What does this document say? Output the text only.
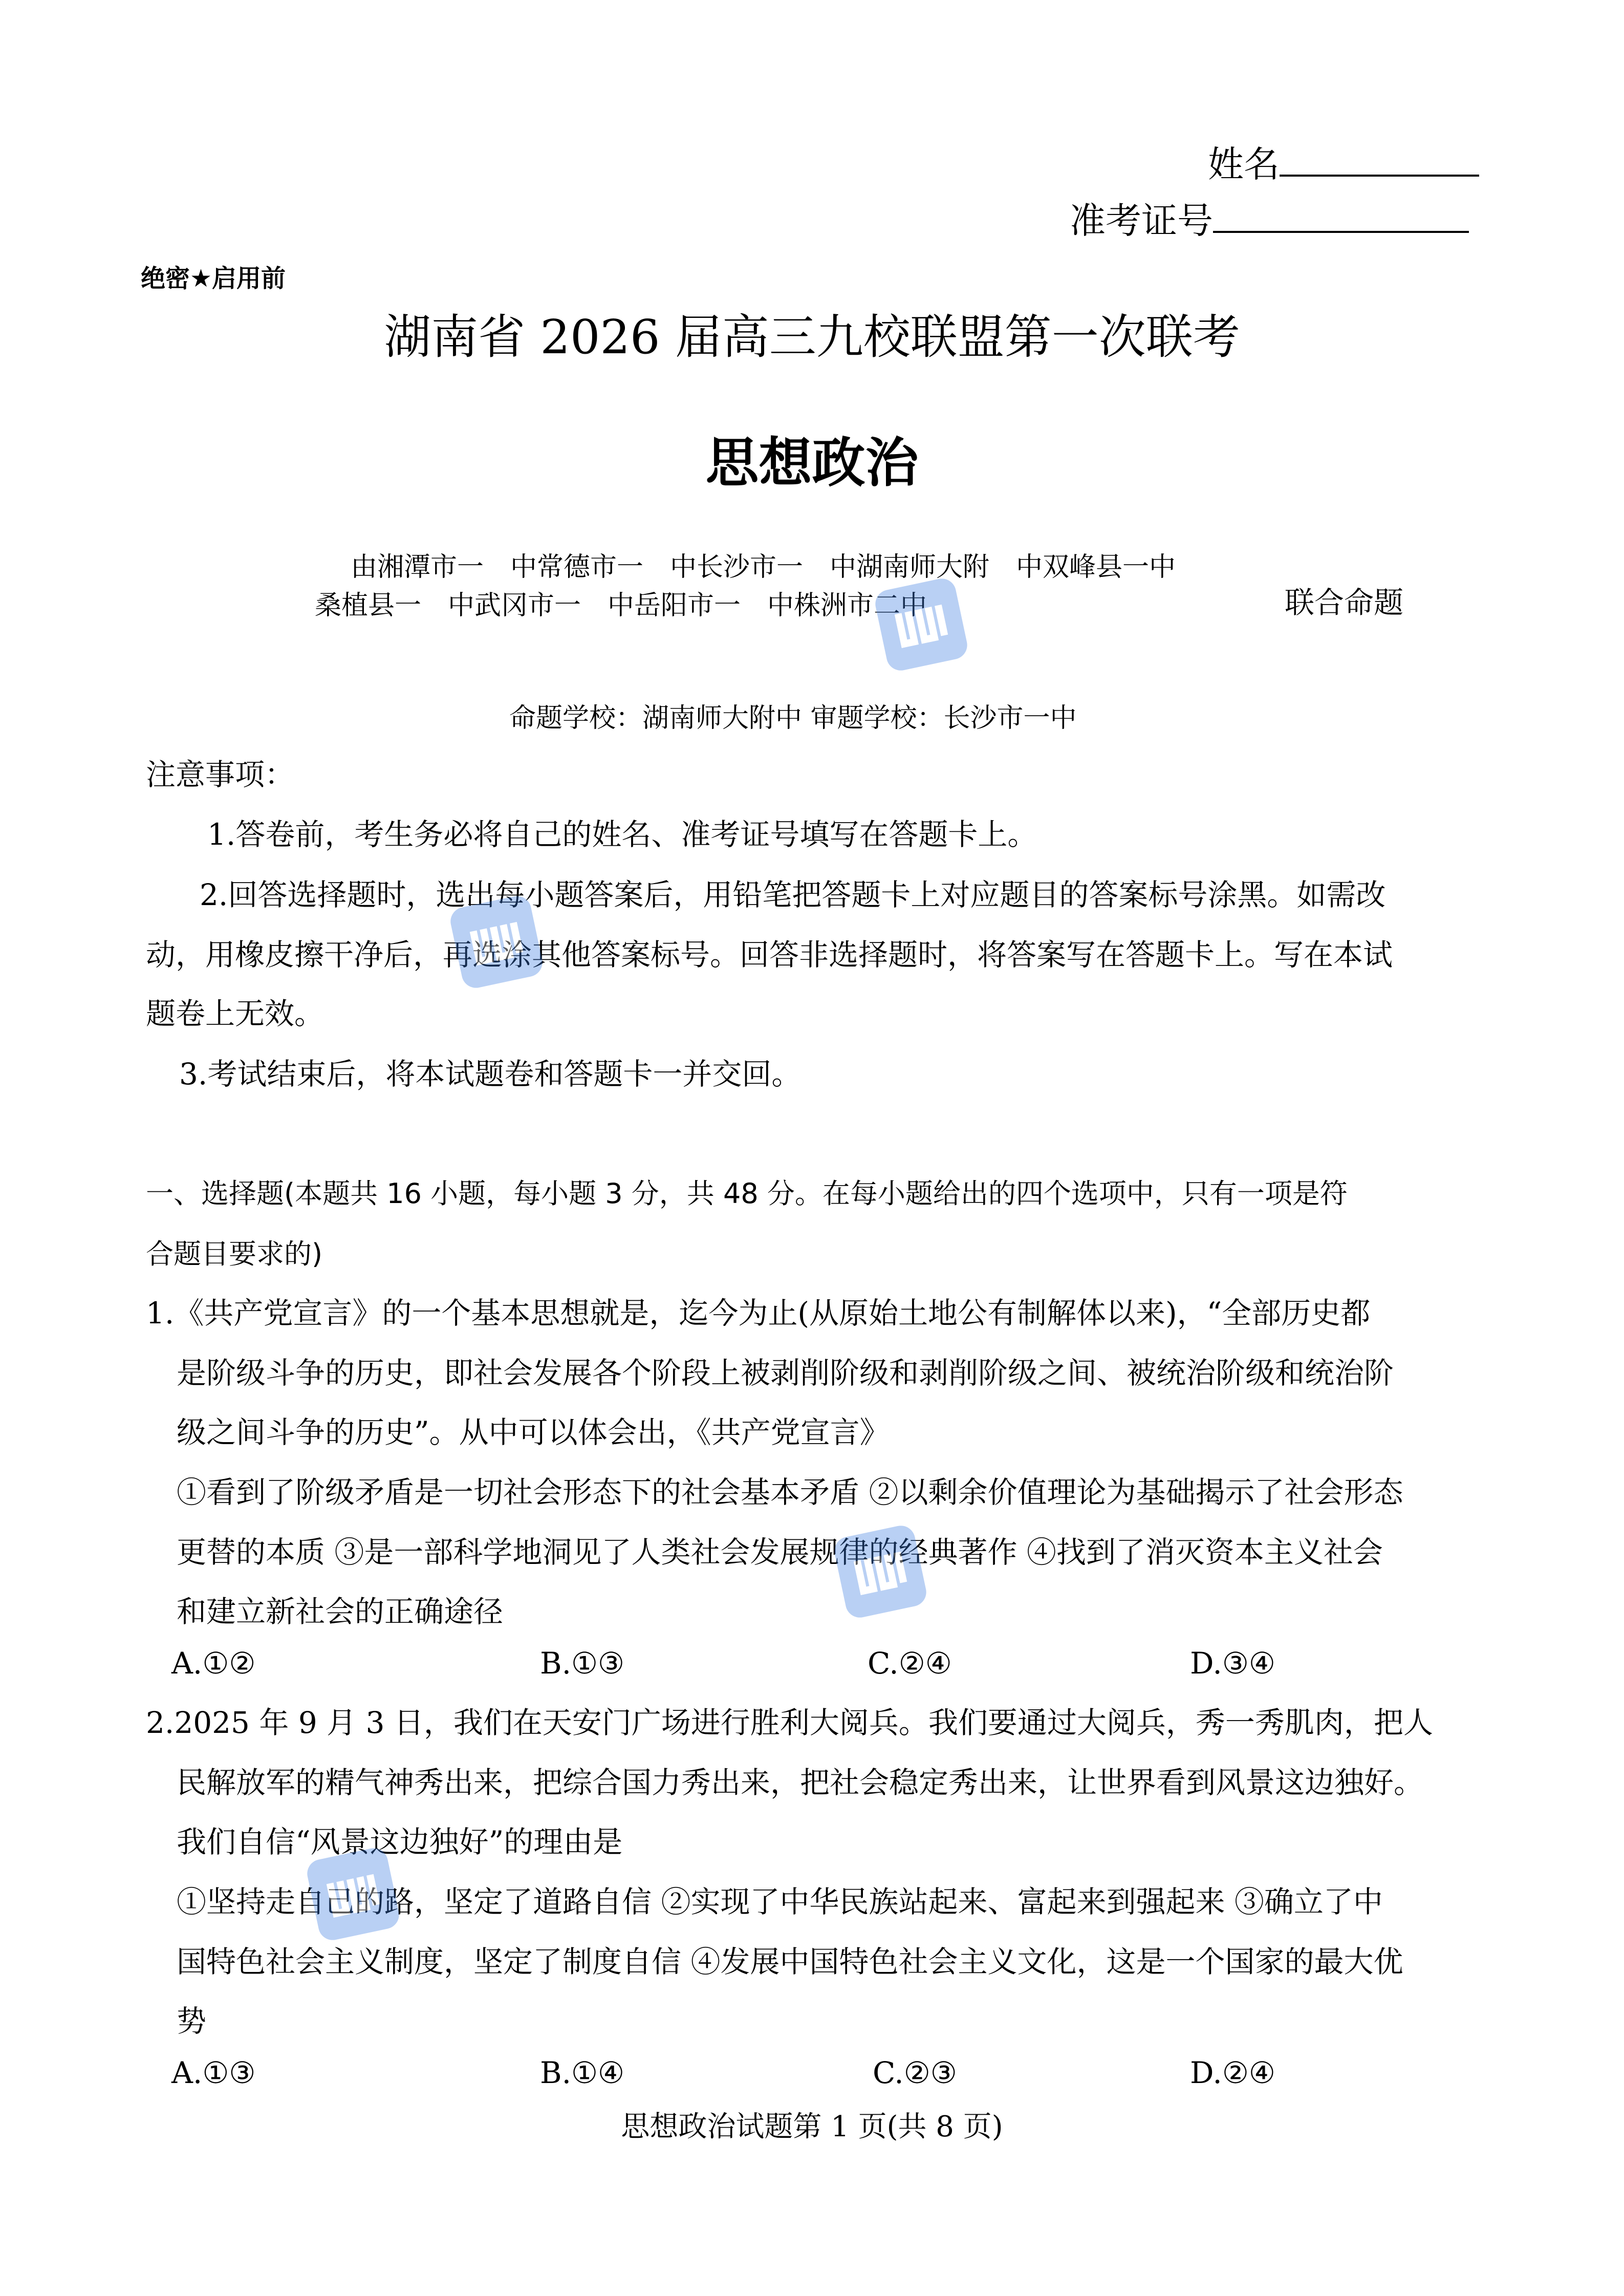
姓名
准考证号
绝密★启用前
湖南省 2026 届高三九校联盟第一次联考
思想政治
由湘潭市一　中常德市一　中长沙市一　中湖南师大附　中双峰县一中
桑植县一　中武冈市一　中岳阳市一　中株洲市二中	联合命题
命题学校：湖南师大附中 审题学校：长沙市一中
注意事项：
1.答卷前，考生务必将自己的姓名、准考证号填写在答题卡上。
2.回答选择题时，选出每小题答案后，用铅笔把答题卡上对应题目的答案标号涂黑。如需改
动，用橡皮擦干净后，再选涂其他答案标号。回答非选择题时，将答案写在答题卡上。写在本试
题卷上无效。
3.考试结束后，将本试题卷和答题卡一并交回。
一、选择题(本题共 16 小题，每小题 3 分，共 48 分。在每小题给出的四个选项中，只有一项是符
合题目要求的)
1.《共产党宣言》的一个基本思想就是，迄今为止(从原始土地公有制解体以来)，“全部历史都
是阶级斗争的历史，即社会发展各个阶段上被剥削阶级和剥削阶级之间、被统治阶级和统治阶
级之间斗争的历史”。从中可以体会出，《共产党宣言》
①看到了阶级矛盾是一切社会形态下的社会基本矛盾 ②以剩余价值理论为基础揭示了社会形态
更替的本质 ③是一部科学地洞见了人类社会发展规律的经典著作 ④找到了消灭资本主义社会
和建立新社会的正确途径
A.①②	B.①③	C.②④	D.③④
2.2025 年 9 月 3 日，我们在天安门广场进行胜利大阅兵。我们要通过大阅兵，秀一秀肌肉，把人
民解放军的精气神秀出来，把综合国力秀出来，把社会稳定秀出来，让世界看到风景这边独好。
我们自信“风景这边独好”的理由是
①坚持走自己的路，坚定了道路自信 ②实现了中华民族站起来、富起来到强起来 ③确立了中
国特色社会主义制度，坚定了制度自信 ④发展中国特色社会主义文化，这是一个国家的最大优
势
A.①③	B.①④	C.②③	D.②④
思想政治试题第 1 页(共 8 页)
